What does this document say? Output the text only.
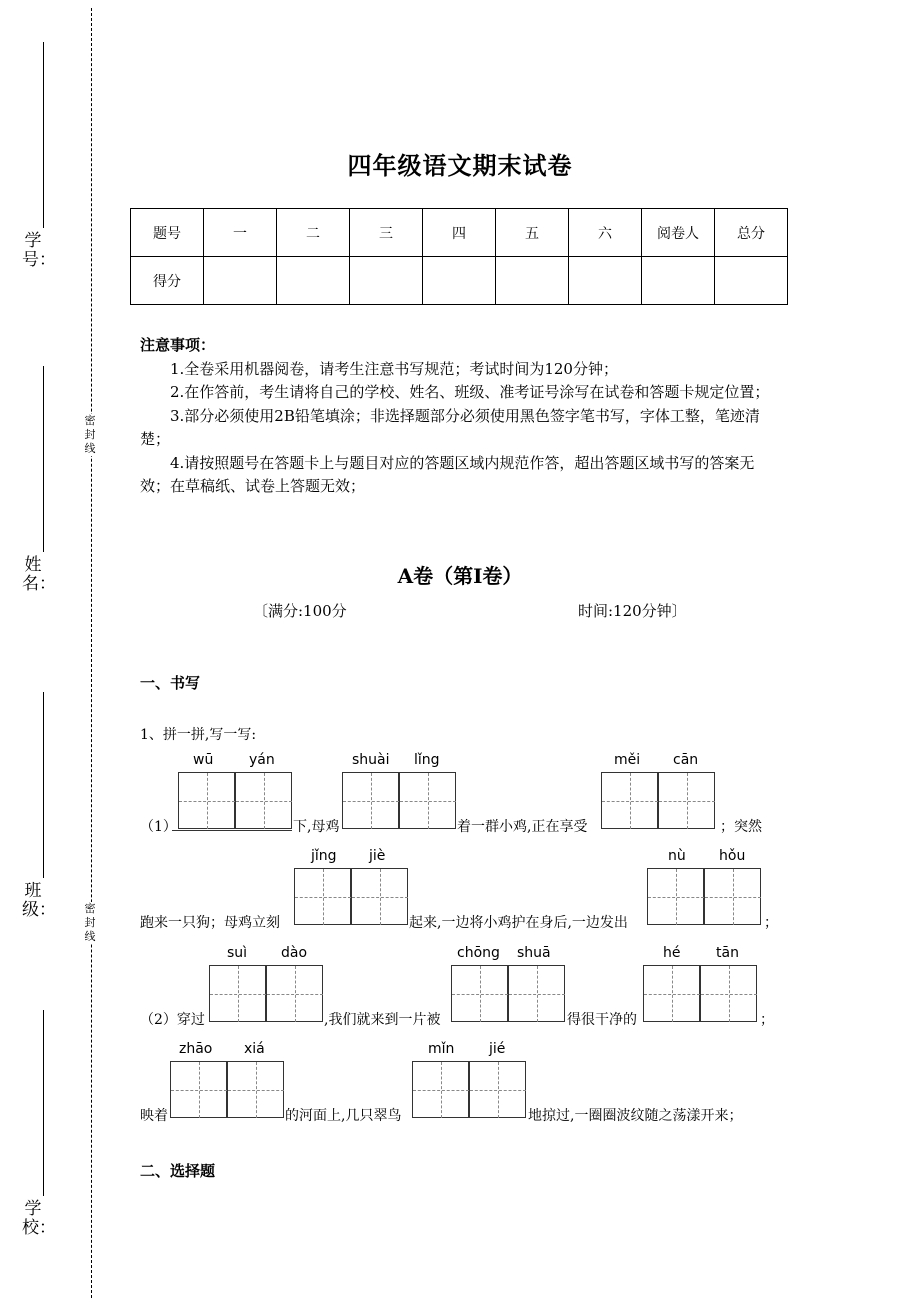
学号：
姓名：
班级：
学校：
密封线
密封线
四年级语文期末试卷
题号	一	二	三	四	五	六	阅卷人	总分
得分								
注意事项：

1.全卷采用机器阅卷，请考生注意书写规范；考试时间为120分钟；

2.在作答前，考生请将自己的学校、姓名、班级、准考证号涂写在试卷和答题卡规定位置；

3.部分必须使用2B铅笔填涂；非选择题部分必须使用黑色签字笔书写，字体工整，笔迹清楚；

4.请按照题号在答题卡上与题目对应的答题区域内规范作答，超出答题区域书写的答案无效；在草稿纸、试卷上答题无效；

A卷（第Ⅰ卷）
〔满分:100分	时间:120分钟〕
一、书写
1、拼一拼,写一写:
（1）
wū	yán
下,母鸡
shuài lǐng
着一群小鸡,正在享受
měi cān
；突然
跑来一只狗；母鸡立刻
jǐng jiè
起来,一边将小鸡护在身后,一边发出
nù hǒu
；
（2）穿过
suì dào
,我们就来到一片被
chōng shuā
得很干净的
hé	tān
；
映着
zhāo xiá
的河面上,几只翠鸟
mǐn jié
地掠过,一圈圈波纹随之荡漾开来；
二、选择题
